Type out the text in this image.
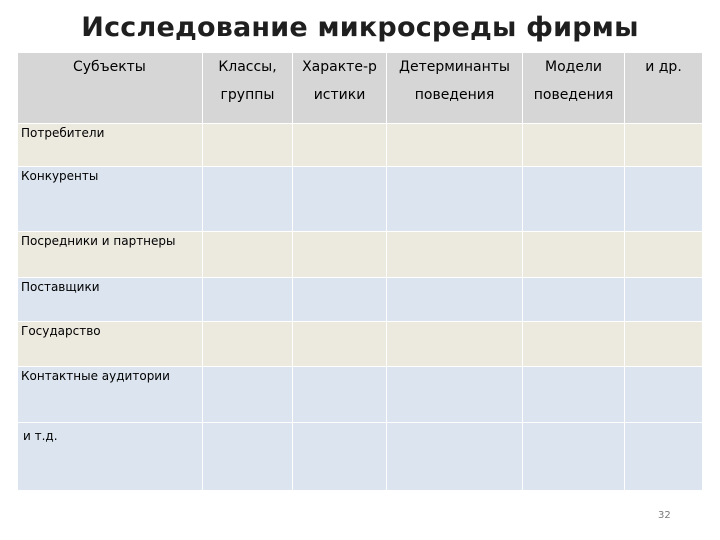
Исследование микросреды фирмы
Субъекты	Классы, группы	Характе-р истики	Детерминанты поведения	Модели поведения	и др.
Потребители					
Конкуренты					
Посредники и партнеры					
Поставщики					
Государство					
Контактные аудитории					
и т.д.					
32
